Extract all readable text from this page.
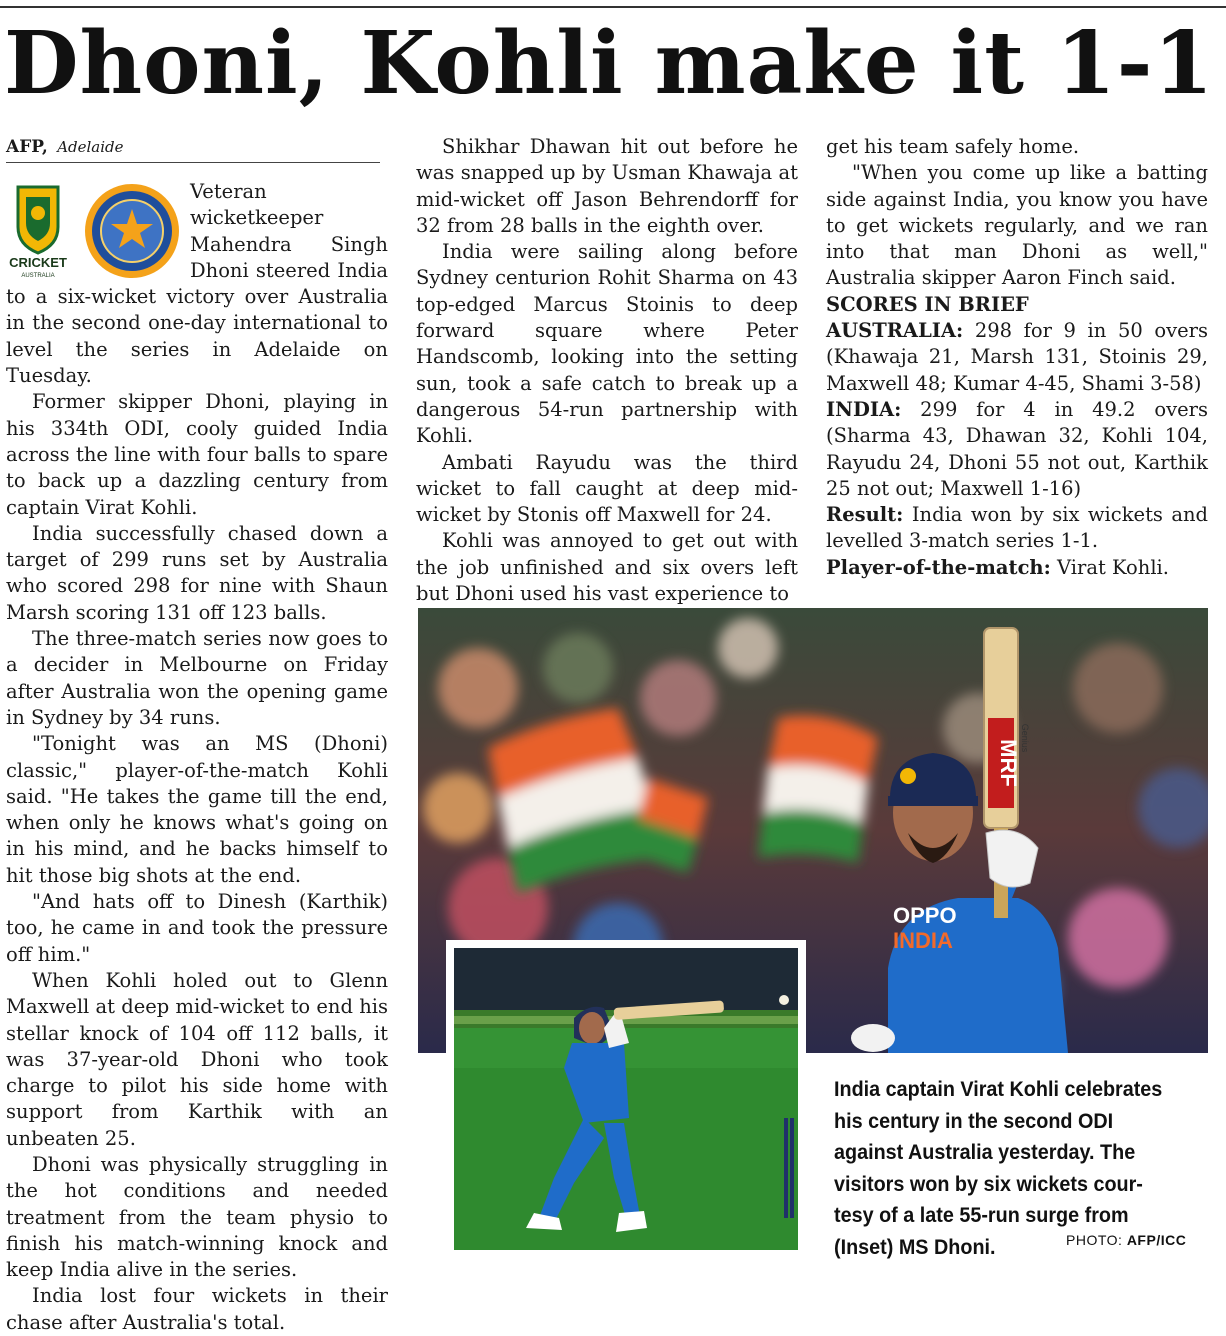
Dhoni, Kohli make it 1-1
AFP, Adelaide
CRICKET
AUSTRALIA

Veteran wicketkeeper Mahendra Singh Dhoni steered India to a six-wicket victory over Australia in the second one-day international to level the series in Adelaide on Tuesday.

Former skipper Dhoni, playing in his 334th ODI, cooly guided India across the line with four balls to spare to back up a dazzling century from captain Virat Kohli.

India successfully chased down a target of 299 runs set by Australia who scored 298 for nine with Shaun Marsh scoring 131 off 123 balls.

The three-match series now goes to a decider in Melbourne on Friday after Australia won the opening game in Sydney by 34 runs.

"Tonight was an MS (Dhoni) classic," player-of-the-match Kohli said. "He takes the game till the end, when only he knows what's going on in his mind, and he backs himself to hit those big shots at the end.

"And hats off to Dinesh (Karthik) too, he came in and took the pressure off him."

When Kohli holed out to Glenn Maxwell at deep mid-wicket to end his stellar knock of 104 off 112 balls, it was 37-year-old Dhoni who took charge to pilot his side home with support from Karthik with an unbeaten 25.

Dhoni was physically struggling in the hot conditions and needed treatment from the team physio to finish his match-winning knock and keep India alive in the series.

India lost four wickets in their chase after Australia's total.

Shikhar Dhawan hit out before he was snapped up by Usman Khawaja at mid-wicket off Jason Behrendorff for 32 from 28 balls in the eighth over.

India were sailing along before Sydney centurion Rohit Sharma on 43 top-edged Marcus Stoinis to deep forward square where Peter Handscomb, looking into the setting sun, took a safe catch to break up a dangerous 54-run partnership with Kohli.

Ambati Rayudu was the third wicket to fall caught at deep mid-wicket by Stonis off Maxwell for 24.

Kohli was annoyed to get out with the job unfinished and six overs left but Dhoni used his vast experience to

get his team safely home.

"When you come up like a batting side against India, you know you have to get wickets regularly, and we ran into that man Dhoni as well," Australia skipper Aaron Finch said.

SCORES IN BRIEF

AUSTRALIA: 298 for 9 in 50 overs (Khawaja 21, Marsh 131, Stoinis 29, Maxwell 48; Kumar 4-45, Shami 3-58)

INDIA: 299 for 4 in 49.2 overs (Sharma 43, Dhawan 32, Kohli 104, Rayudu 24, Dhoni 55 not out, Karthik 25 not out; Maxwell 1-16)

Result: India won by six wickets and levelled 3-match series 1-1.

Player-of-the-match: Virat Kohli.

MRF
Genius
OPPO
INDIA
India captain Virat Kohli celebrates
his century in the second ODI
against Australia yesterday. The
visitors won by six wickets cour-
tesy of a late 55-run surge from
(Inset) MS Dhoni.	PHOTO: AFP/ICC
